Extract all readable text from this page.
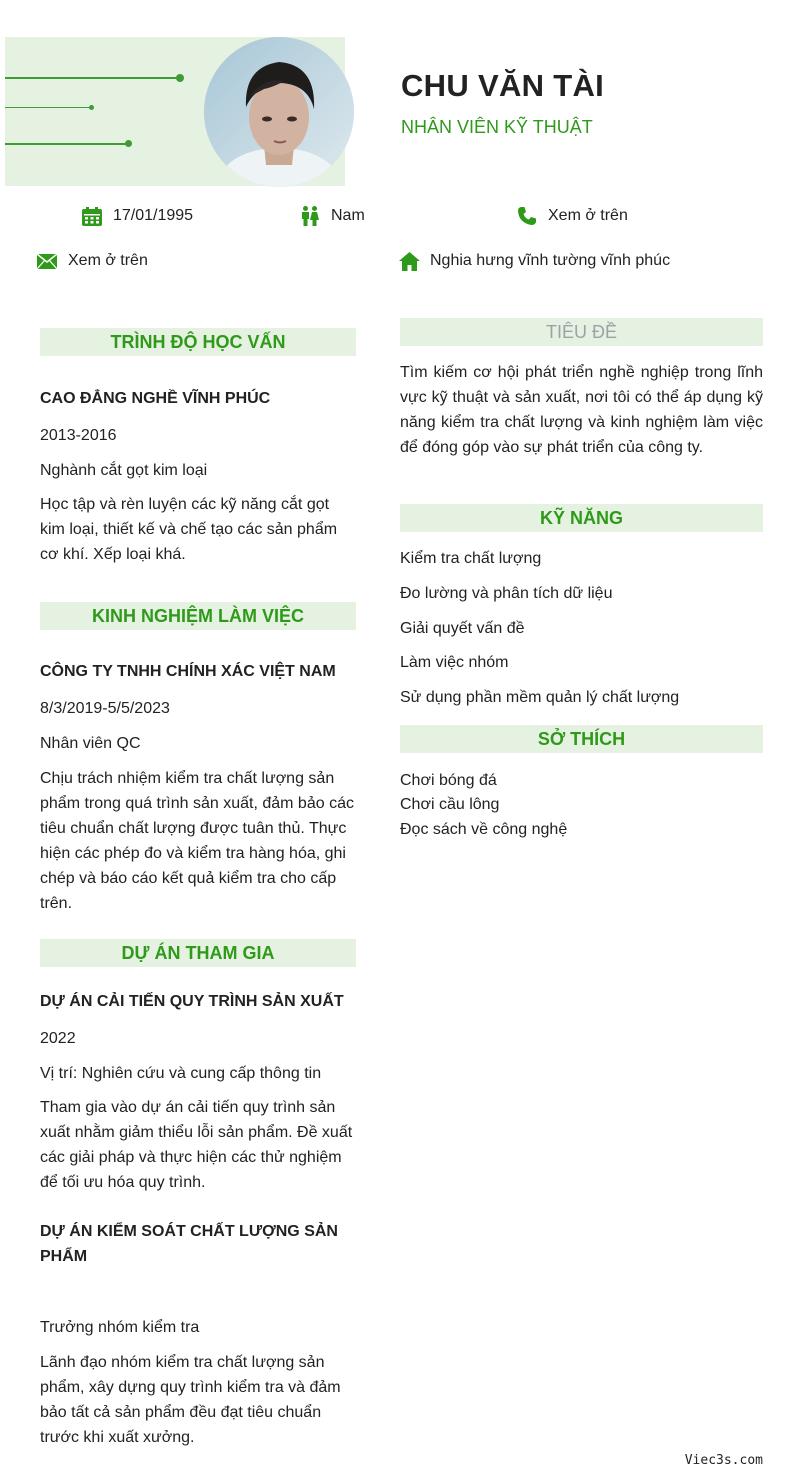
CHU VĂN TÀI
NHÂN VIÊN KỸ THUẬT
17/01/1995	Nam	Xem ở trên
Xem ở trên	Nghia hưng vĩnh tường vĩnh phúc
TRÌNH ĐỘ HỌC VẤN
CAO ĐẲNG NGHỀ VĨNH PHÚC
2013-2016
Nghành cắt gọt kim loại
Học tập và rèn luyện các kỹ năng cắt gọt kim loại, thiết kế và chế tạo các sản phẩm cơ khí. Xếp loại khá.
KINH NGHIỆM LÀM VIỆC
CÔNG TY TNHH CHÍNH XÁC VIỆT NAM
8/3/2019-5/5/2023
Nhân viên QC
Chịu trách nhiệm kiểm tra chất lượng sản phẩm trong quá trình sản xuất, đảm bảo các tiêu chuẩn chất lượng được tuân thủ. Thực hiện các phép đo và kiểm tra hàng hóa, ghi chép và báo cáo kết quả kiểm tra cho cấp trên.
DỰ ÁN THAM GIA
DỰ ÁN CẢI TIẾN QUY TRÌNH SẢN XUẤT
2022
Vị trí: Nghiên cứu và cung cấp thông tin
Tham gia vào dự án cải tiến quy trình sản xuất nhằm giảm thiểu lỗi sản phẩm. Đề xuất các giải pháp và thực hiện các thử nghiệm để tối ưu hóa quy trình.
DỰ ÁN KIỂM SOÁT CHẤT LƯỢNG SẢN PHẨM
Trưởng nhóm kiểm tra
Lãnh đạo nhóm kiểm tra chất lượng sản phẩm, xây dựng quy trình kiểm tra và đảm bảo tất cả sản phẩm đều đạt tiêu chuẩn trước khi xuất xưởng.
TIÊU ĐỀ
Tìm kiếm cơ hội phát triển nghề nghiệp trong lĩnh vực kỹ thuật và sản xuất, nơi tôi có thể áp dụng kỹ năng kiểm tra chất lượng và kinh nghiệm làm việc để đóng góp vào sự phát triển của công ty.
KỸ NĂNG
Kiểm tra chất lượng
Đo lường và phân tích dữ liệu
Giải quyết vấn đề
Làm việc nhóm
Sử dụng phần mềm quản lý chất lượng
SỞ THÍCH
Chơi bóng đá
Chơi cầu lông
Đọc sách về công nghệ
Viec3s.com
